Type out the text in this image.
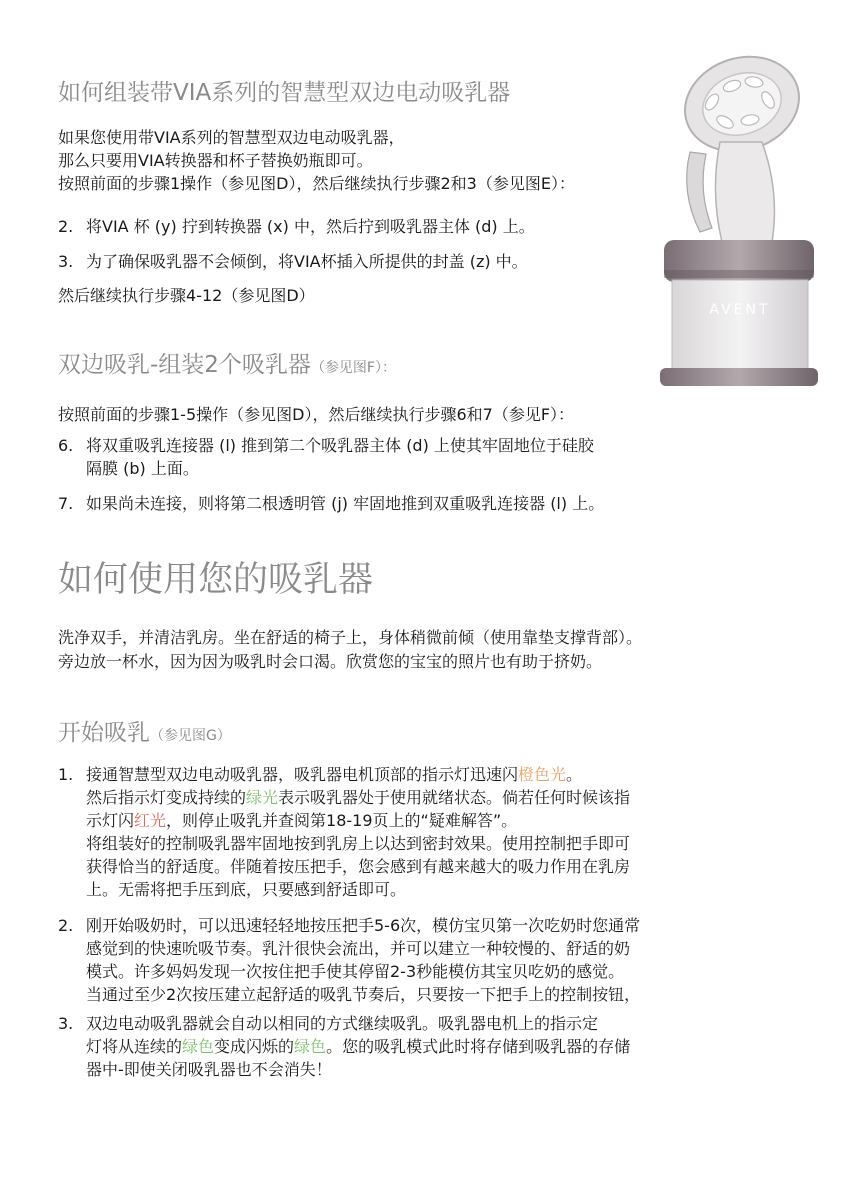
如何组装带VIA系列的智慧型双边电动吸乳器
如果您使用带VIA系列的智慧型双边电动吸乳器，
那么只要用VIA转换器和杯子替换奶瓶即可。
按照前面的步骤1操作（参见图D），然后继续执行步骤2和3（参见图E）：
2. 将VIA 杯 (y) 拧到转换器 (x) 中，然后拧到吸乳器主体 (d) 上。
3. 为了确保吸乳器不会倾倒，将VIA杯插入所提供的封盖 (z) 中。
然后继续执行步骤4-12（参见图D）
AVENT
双边吸乳-组装2个吸乳器（参见图F）：
按照前面的步骤1-5操作（参见图D），然后继续执行步骤6和7（参见F）：
6. 将双重吸乳连接器 (l) 推到第二个吸乳器主体 (d) 上使其牢固地位于硅胶
隔膜 (b) 上面。
7. 如果尚未连接，则将第二根透明管 (j) 牢固地推到双重吸乳连接器 (l) 上。
如何使用您的吸乳器
洗净双手，并清洁乳房。坐在舒适的椅子上，身体稍微前倾（使用靠垫支撑背部）。
旁边放一杯水，因为因为吸乳时会口渴。欣赏您的宝宝的照片也有助于挤奶。
开始吸乳（参见图G）
1. 接通智慧型双边电动吸乳器，吸乳器电机顶部的指示灯迅速闪橙色光。
然后指示灯变成持续的绿光表示吸乳器处于使用就绪状态。倘若任何时候该指
示灯闪红光，则停止吸乳并查阅第18-19页上的“疑难解答”。
将组装好的控制吸乳器牢固地按到乳房上以达到密封效果。使用控制把手即可
获得恰当的舒适度。伴随着按压把手，您会感到有越来越大的吸力作用在乳房
上。无需将把手压到底，只要感到舒适即可。
2. 刚开始吸奶时，可以迅速轻轻地按压把手5-6次，模仿宝贝第一次吃奶时您通常
感觉到的快速吮吸节奏。乳汁很快会流出，并可以建立一种较慢的、舒适的奶
模式。许多妈妈发现一次按住把手使其停留2-3秒能模仿其宝贝吃奶的感觉。
当通过至少2次按压建立起舒适的吸乳节奏后，只要按一下把手上的控制按钮，
3. 双边电动吸乳器就会自动以相同的方式继续吸乳。吸乳器电机上的指示定
灯将从连续的绿色变成闪烁的绿色。您的吸乳模式此时将存储到吸乳器的存储
器中-即使关闭吸乳器也不会消失！
